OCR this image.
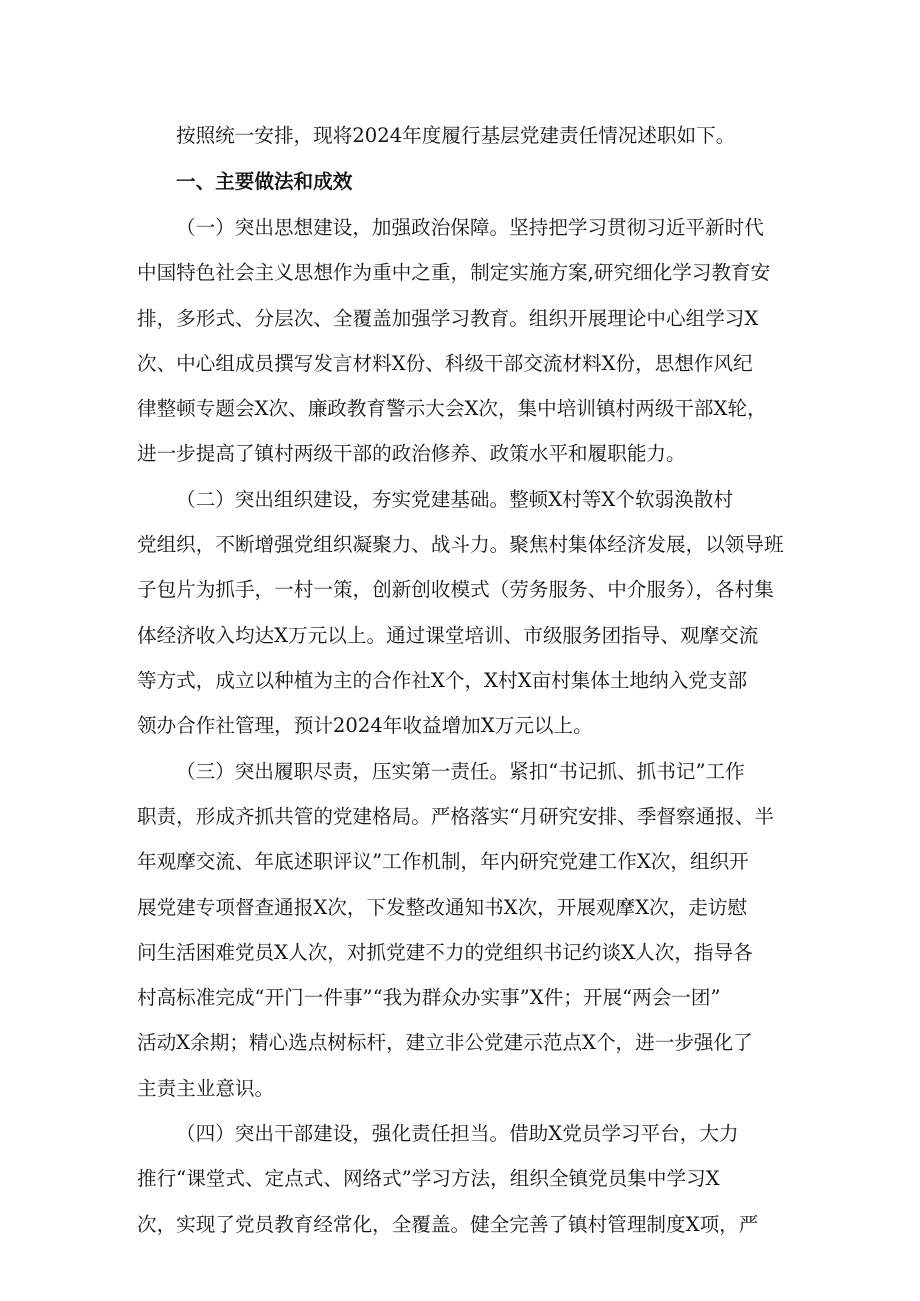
按照统一安排，现将2024年度履行基层党建责任情况述职如下。

一、主要做法和成效

（一）突出思想建设，加强政治保障。坚持把学习贯彻习近平新时代

中国特色社会主义思想作为重中之重，制定实施方案,研究细化学习教育安

排，多形式、分层次、全覆盖加强学习教育。组织开展理论中心组学习X

次、中心组成员撰写发言材料X份、科级干部交流材料X份，思想作风纪

律整顿专题会X次、廉政教育警示大会X次，集中培训镇村两级干部X轮，

进一步提高了镇村两级干部的政治修养、政策水平和履职能力。

（二）突出组织建设，夯实党建基础。整顿X村等X个软弱涣散村

党组织，不断增强党组织凝聚力、战斗力。聚焦村集体经济发展，以领导班

子包片为抓手，一村一策，创新创收模式（劳务服务、中介服务），各村集

体经济收入均达X万元以上。通过课堂培训、市级服务团指导、观摩交流

等方式，成立以种植为主的合作社X个，X村X亩村集体土地纳入党支部

领办合作社管理，预计2024年收益增加X万元以上。

（三）突出履职尽责，压实第一责任。紧扣“书记抓、抓书记”工作

职责，形成齐抓共管的党建格局。严格落实“月研究安排、季督察通报、半

年观摩交流、年底述职评议”工作机制，年内研究党建工作X次，组织开

展党建专项督查通报X次，下发整改通知书X次，开展观摩X次，走访慰

问生活困难党员X人次，对抓党建不力的党组织书记约谈X人次，指导各

村高标准完成“开门一件事”“我为群众办实事”X件；开展“两会一团”

活动X余期；精心选点树标杆，建立非公党建示范点X个，进一步强化了

主责主业意识。

（四）突出干部建设，强化责任担当。借助X党员学习平台，大力

推行“课堂式、定点式、网络式”学习方法，组织全镇党员集中学习X

次，实现了党员教育经常化，全覆盖。健全完善了镇村管理制度X项，严
